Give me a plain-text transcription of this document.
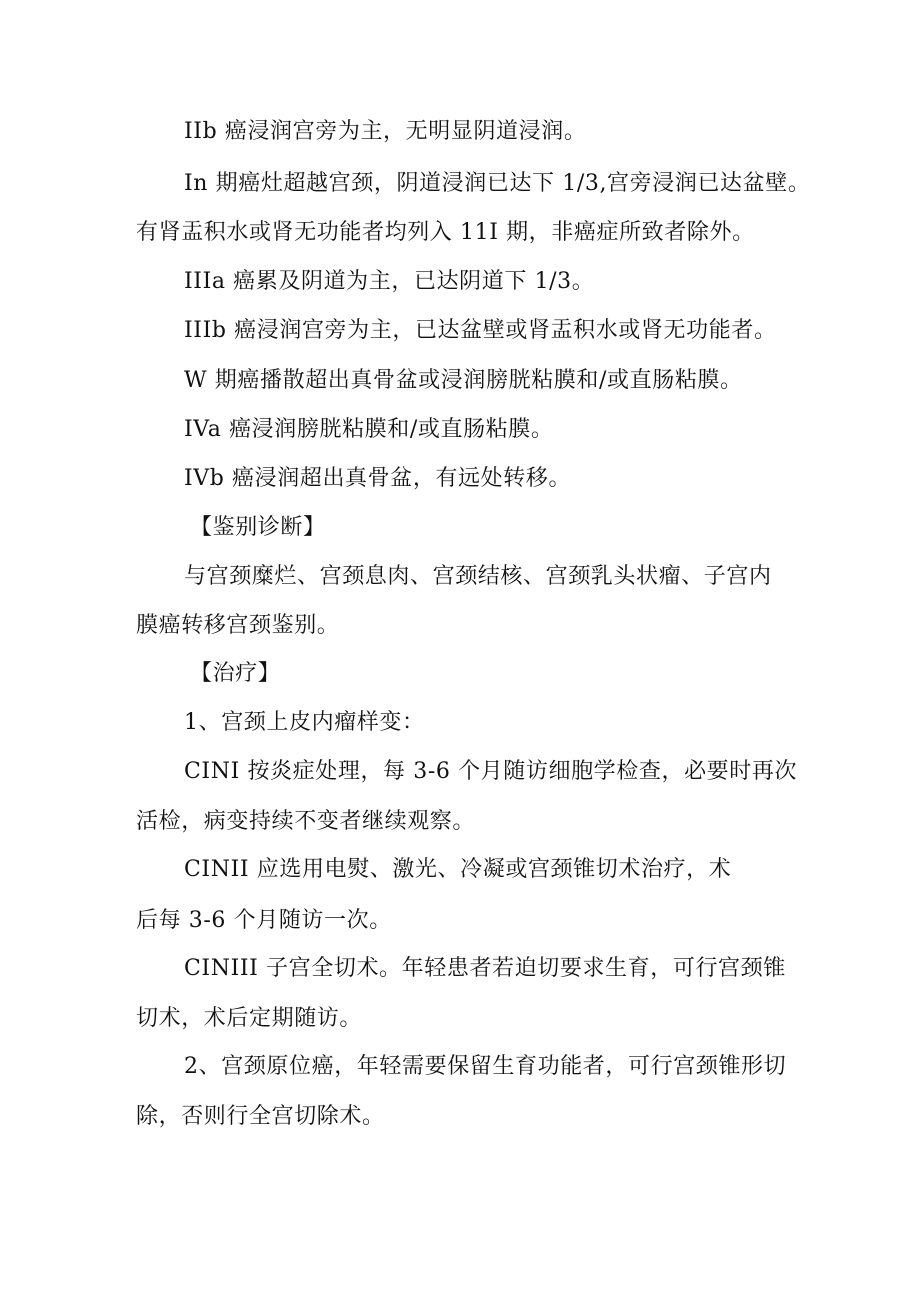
IIb 癌浸润宫旁为主，无明显阴道浸润。
In 期癌灶超越宫颈，阴道浸润已达下 1/3,宫旁浸润已达盆壁。
有肾盂积水或肾无功能者均列入 11I 期，非癌症所致者除外。
IIIa 癌累及阴道为主，已达阴道下 1/3。
IIIb 癌浸润宫旁为主，已达盆壁或肾盂积水或肾无功能者。
W 期癌播散超出真骨盆或浸润膀胱粘膜和/或直肠粘膜。
IVa 癌浸润膀胱粘膜和/或直肠粘膜。
IVb 癌浸润超出真骨盆，有远处转移。
【鉴别诊断】
与宫颈糜烂、宫颈息肉、宫颈结核、宫颈乳头状瘤、子宫内
膜癌转移宫颈鉴别。
【治疗】
1、宫颈上皮内瘤样变：
CINI 按炎症处理，每 3-6 个月随访细胞学检查，必要时再次
活检，病变持续不变者继续观察。
CINII 应选用电熨、激光、冷凝或宫颈锥切术治疗，术
后每 3-6 个月随访一次。
CINIII 子宫全切术。年轻患者若迫切要求生育，可行宫颈锥
切术，术后定期随访。
2、宫颈原位癌，年轻需要保留生育功能者，可行宫颈锥形切
除，否则行全宫切除术。
